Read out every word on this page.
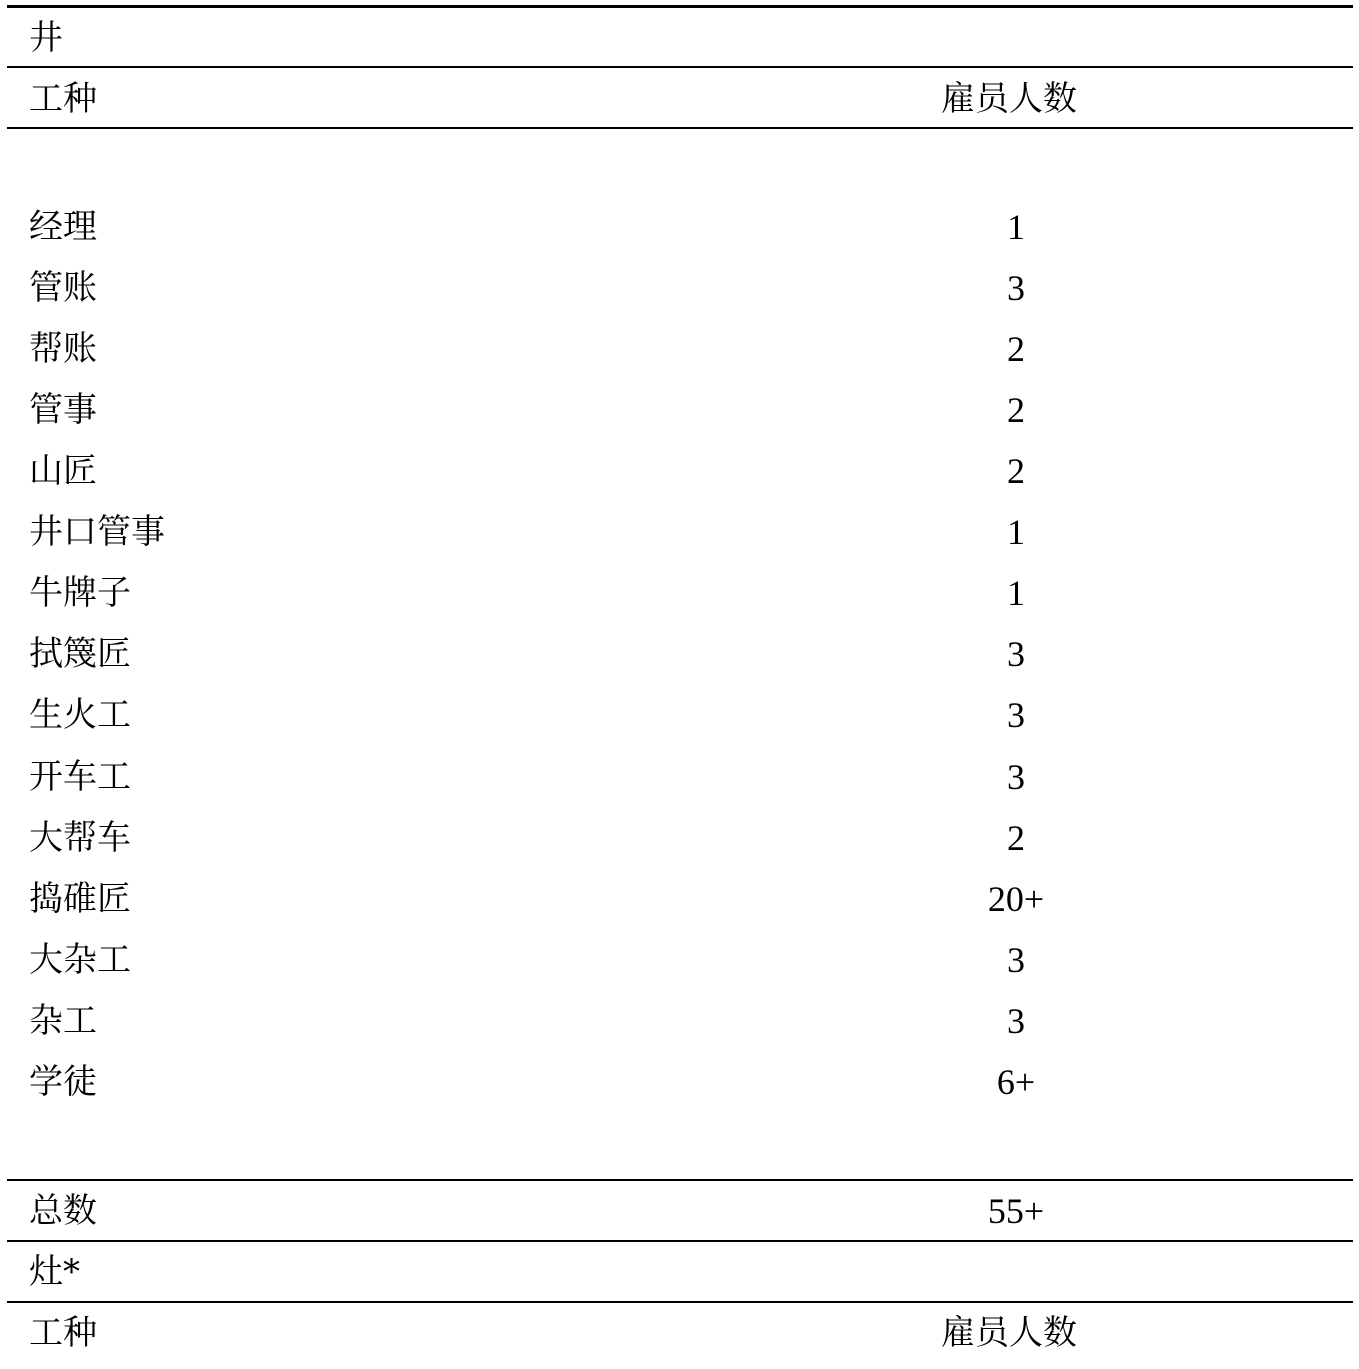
井
工种	雇员人数
经理	1
管账	3
帮账	2
管事	2
山匠	2
井口管事	1
牛牌子	1
拭篾匠	3
生火工	3
开车工	3
大帮车	2
捣碓匠	20+
大杂工	3
杂工	3
学徒	6+
总数	55+
灶*
工种	雇员人数
